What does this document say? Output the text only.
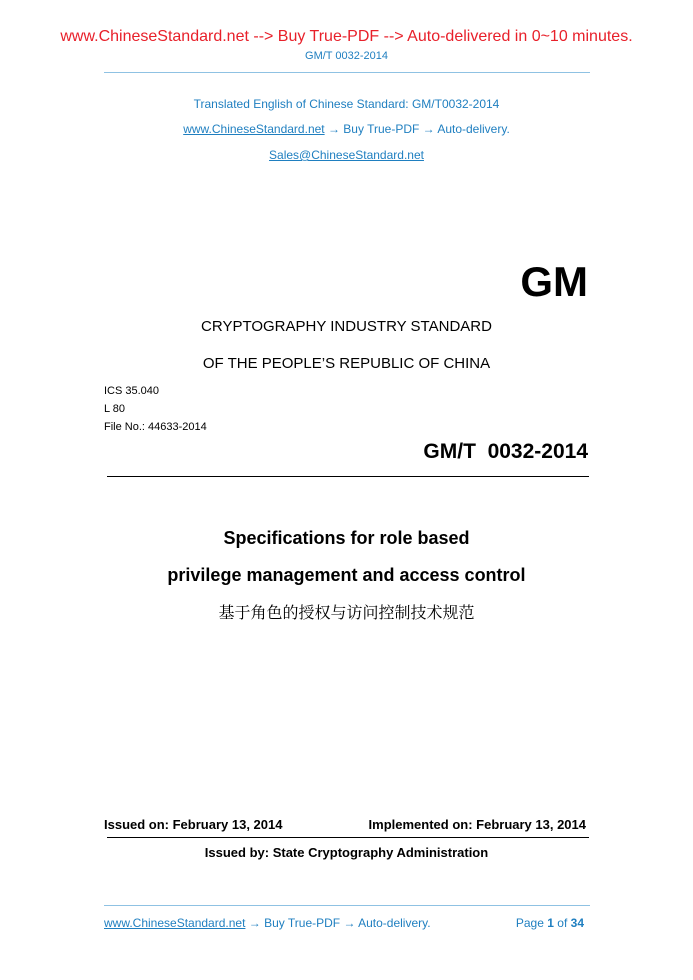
www.ChineseStandard.net --> Buy True-PDF --> Auto-delivered in 0~10 minutes.
GM/T 0032-2014
Translated English of Chinese Standard: GM/T0032-2014
www.ChineseStandard.net → Buy True-PDF → Auto-delivery.
Sales@ChineseStandard.net
GM
CRYPTOGRAPHY INDUSTRY STANDARD
OF THE PEOPLE’S REPUBLIC OF CHINA
ICS 35.040
L 80
File No.: 44633-2014
GM/T  0032-2014
Specifications for role based
privilege management and access control
基于角色的授权与访问控制技术规范
Issued on: February 13, 2014	Implemented on: February 13, 2014
Issued by: State Cryptography Administration
www.ChineseStandard.net → Buy True-PDF → Auto-delivery.	Page 1 of 34
